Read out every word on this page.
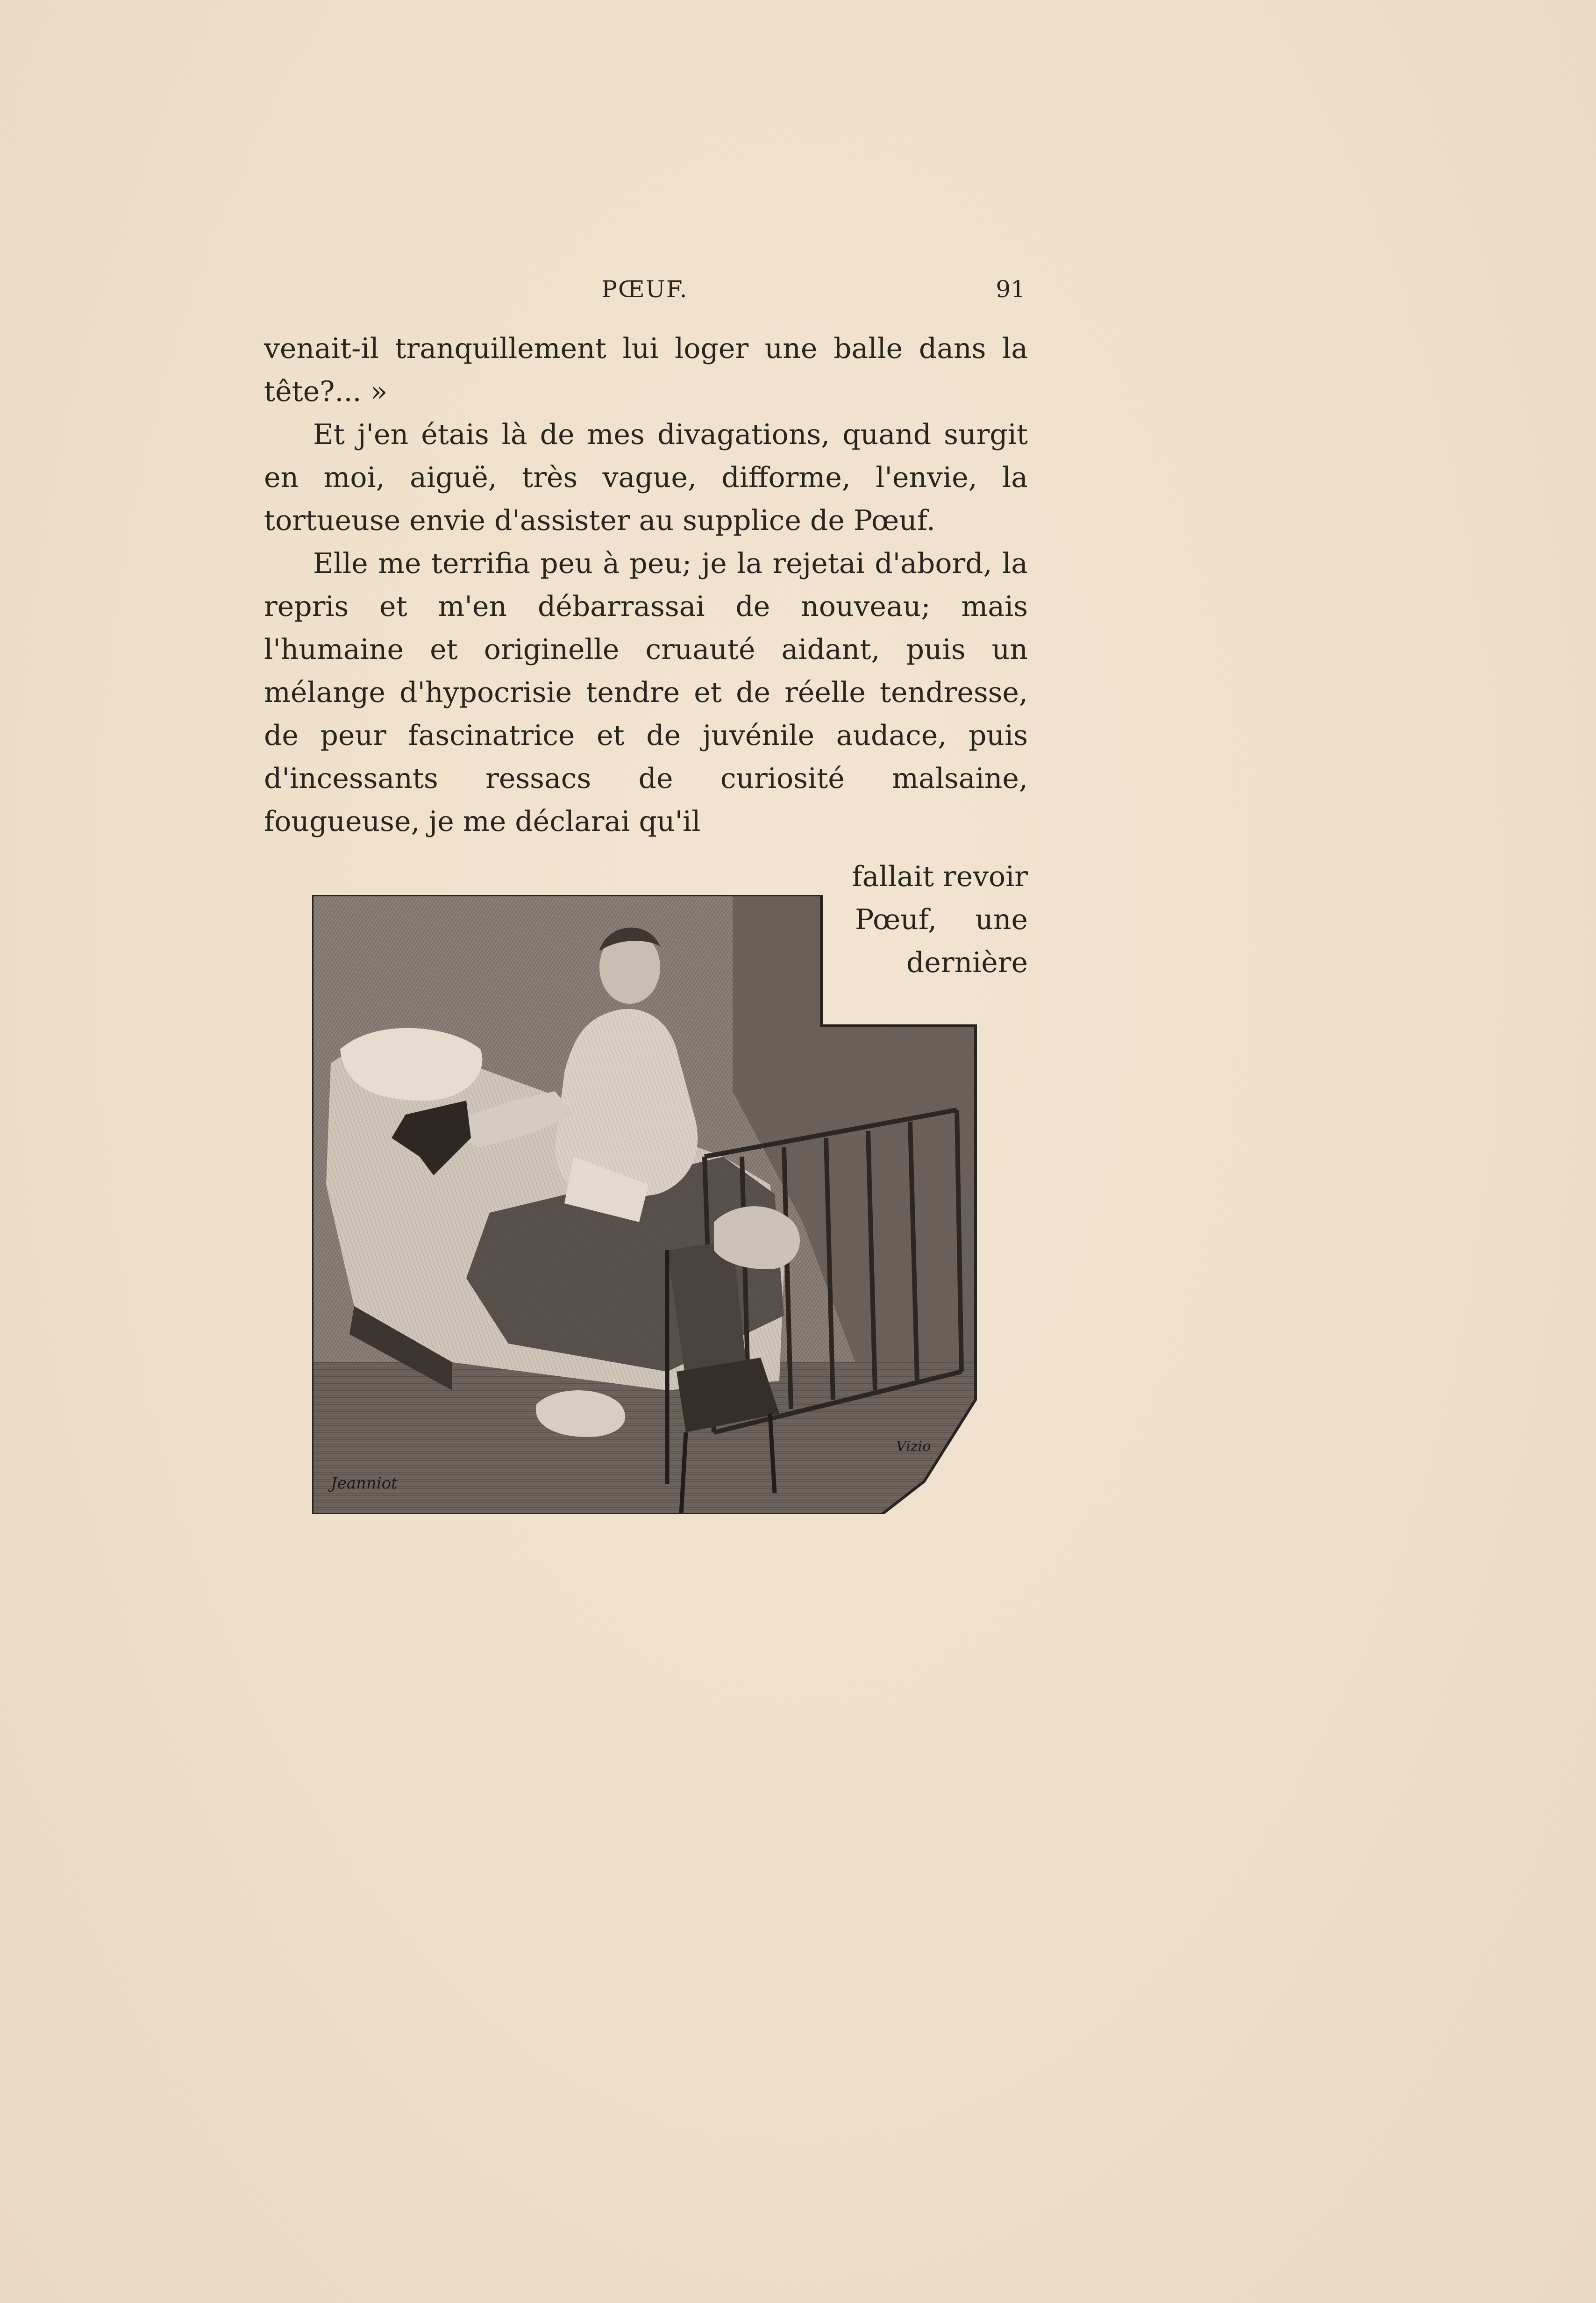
PŒUF.	91

venait-il tranquillement lui loger une balle dans la

tête?... »

Et j'en étais là de mes divagations, quand surgit en moi, aiguë, très vague, difforme, l'envie, la tortueuse envie d'assister au supplice de Pœuf.

Elle me terrifia peu à peu; je la rejetai d'abord, la repris et m'en débarrassai de nouveau; mais l'humaine et originelle cruauté aidant, puis un mélange d'hypocrisie tendre et de réelle tendresse, de peur fascinatrice et de juvénile audace, puis d'incessants ressacs de curiosité malsaine, fougueuse, je me déclarai qu'il

fallait revoir
Pœuf, une
dernière
Jeanniot
Vizio
